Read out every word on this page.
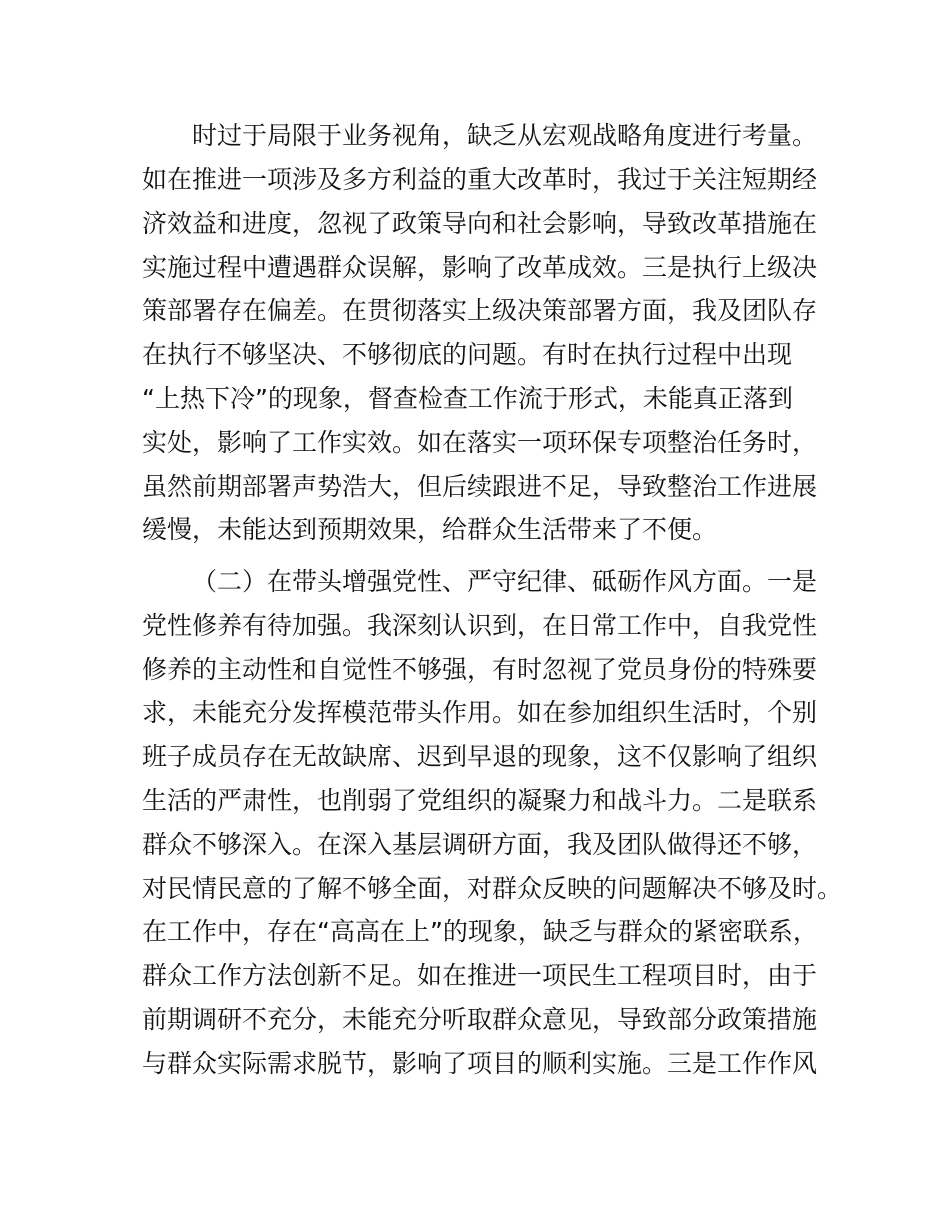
时过于局限于业务视角，缺乏从宏观战略角度进行考量。
如在推进一项涉及多方利益的重大改革时，我过于关注短期经
济效益和进度，忽视了政策导向和社会影响，导致改革措施在
实施过程中遭遇群众误解，影响了改革成效。三是执行上级决
策部署存在偏差。在贯彻落实上级决策部署方面，我及团队存
在执行不够坚决、不够彻底的问题。有时在执行过程中出现
“上热下冷”的现象，督查检查工作流于形式，未能真正落到
实处，影响了工作实效。如在落实一项环保专项整治任务时，
虽然前期部署声势浩大，但后续跟进不足，导致整治工作进展
缓慢，未能达到预期效果，给群众生活带来了不便。
（二）在带头增强党性、严守纪律、砥砺作风方面。一是
党性修养有待加强。我深刻认识到，在日常工作中，自我党性
修养的主动性和自觉性不够强，有时忽视了党员身份的特殊要
求，未能充分发挥模范带头作用。如在参加组织生活时，个别
班子成员存在无故缺席、迟到早退的现象，这不仅影响了组织
生活的严肃性，也削弱了党组织的凝聚力和战斗力。二是联系
群众不够深入。在深入基层调研方面，我及团队做得还不够，
对民情民意的了解不够全面，对群众反映的问题解决不够及时。
在工作中，存在“高高在上”的现象，缺乏与群众的紧密联系，
群众工作方法创新不足。如在推进一项民生工程项目时，由于
前期调研不充分，未能充分听取群众意见，导致部分政策措施
与群众实际需求脱节，影响了项目的顺利实施。三是工作作风
